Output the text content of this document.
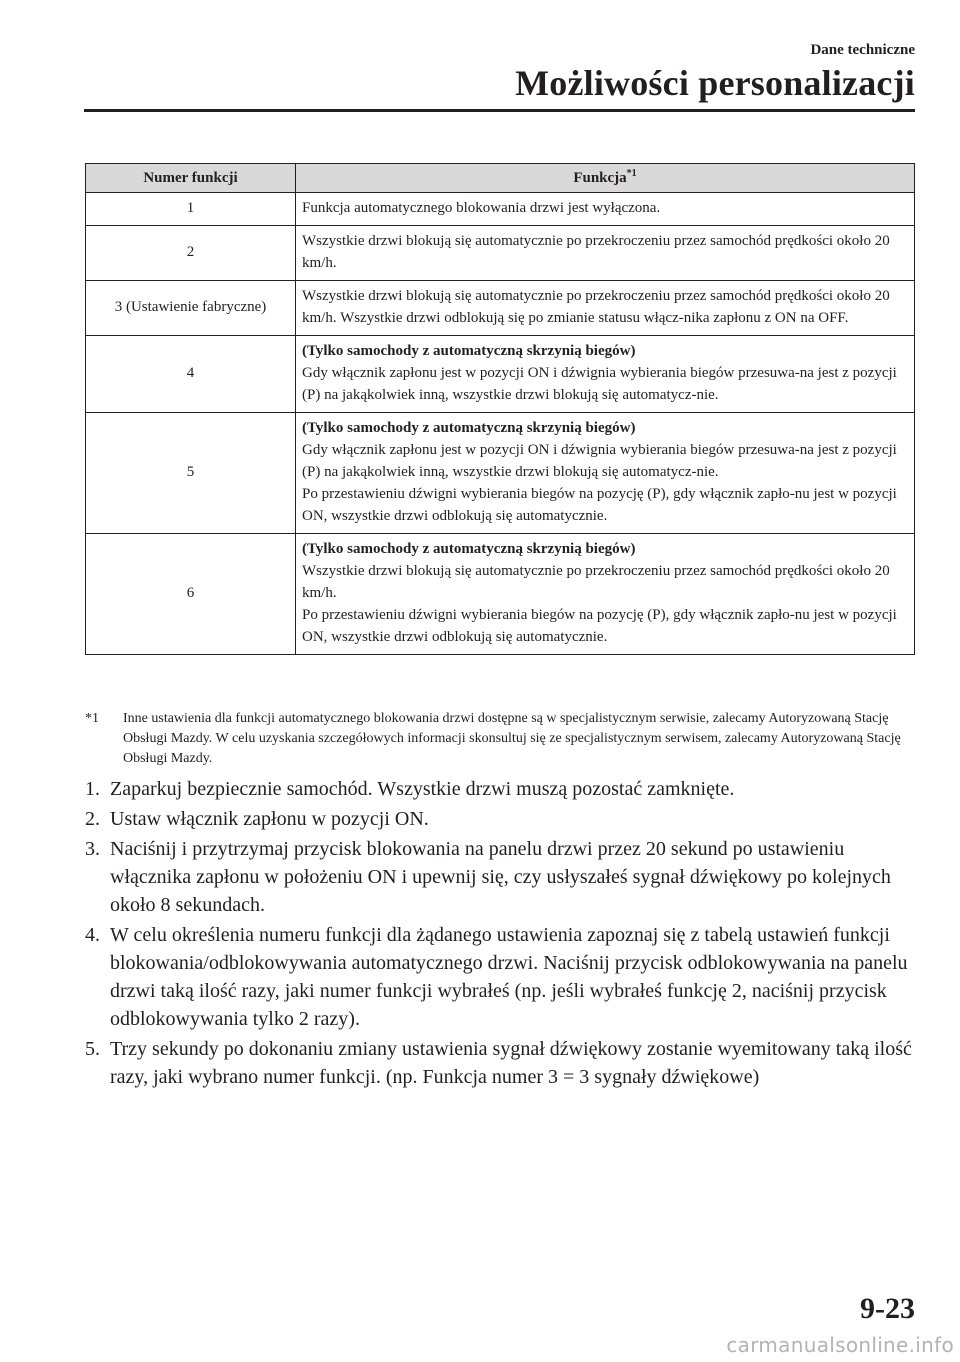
Dane techniczne
Możliwości personalizacji
Numer funkcji	Funkcja$^{*1}$
1	Funkcja automatycznego blokowania drzwi jest wyłączona.

2	Wszystkie drzwi blokują się automatycznie po przekroczeniu przez samochód prędkości około 20 km/h.

3 (Ustawienie fabryczne)	Wszystkie drzwi blokują się automatycznie po przekroczeniu przez samochód prędkości około 20 km/h. Wszystkie drzwi odblokują się po zmianie statusu włącz-nika zapłonu z ON na OFF.

4	(Tylko samochody z automatyczną skrzynią biegów)
Gdy włącznik zapłonu jest w pozycji ON i dźwignia wybierania biegów przesuwa-na jest z pozycji (P) na jakąkolwiek inną, wszystkie drzwi blokują się automatycz-nie.

5	(Tylko samochody z automatyczną skrzynią biegów)
Gdy włącznik zapłonu jest w pozycji ON i dźwignia wybierania biegów przesuwa-na jest z pozycji (P) na jakąkolwiek inną, wszystkie drzwi blokują się automatycz-nie.
Po przestawieniu dźwigni wybierania biegów na pozycję (P), gdy włącznik zapło-nu jest w pozycji ON, wszystkie drzwi odblokują się automatycznie.

6	(Tylko samochody z automatyczną skrzynią biegów)
Wszystkie drzwi blokują się automatycznie po przekroczeniu przez samochód prędkości około 20 km/h.
Po przestawieniu dźwigni wybierania biegów na pozycję (P), gdy włącznik zapło-nu jest w pozycji ON, wszystkie drzwi odblokują się automatycznie.
*1 Inne ustawienia dla funkcji automatycznego blokowania drzwi dostępne są w specjalistycznym serwisie, zalecamy Autoryzowaną Stację Obsługi Mazdy. W celu uzyskania szczegółowych informacji skonsultuj się ze specjalistycznym serwisem, zalecamy Autoryzowaną Stację Obsługi Mazdy.
1. Zaparkuj bezpiecznie samochód. Wszystkie drzwi muszą pozostać zamknięte.
2. Ustaw włącznik zapłonu w pozycji ON.
3. Naciśnij i przytrzymaj przycisk blokowania na panelu drzwi przez 20 sekund po ustawieniu włącznika zapłonu w położeniu ON i upewnij się, czy usłyszałeś sygnał dźwiękowy po kolejnych około 8 sekundach.
4. W celu określenia numeru funkcji dla żądanego ustawienia zapoznaj się z tabelą ustawień funkcji blokowania/odblokowywania automatycznego drzwi. Naciśnij przycisk odblokowywania na panelu drzwi taką ilość razy, jaki numer funkcji wybrałeś (np. jeśli wybrałeś funkcję 2, naciśnij przycisk odblokowywania tylko 2 razy).
5. Trzy sekundy po dokonaniu zmiany ustawienia sygnał dźwiękowy zostanie wyemitowany taką ilość razy, jaki wybrano numer funkcji. (np. Funkcja numer 3 = 3 sygnały dźwiękowe)
9-23
carmanualsonline.info
